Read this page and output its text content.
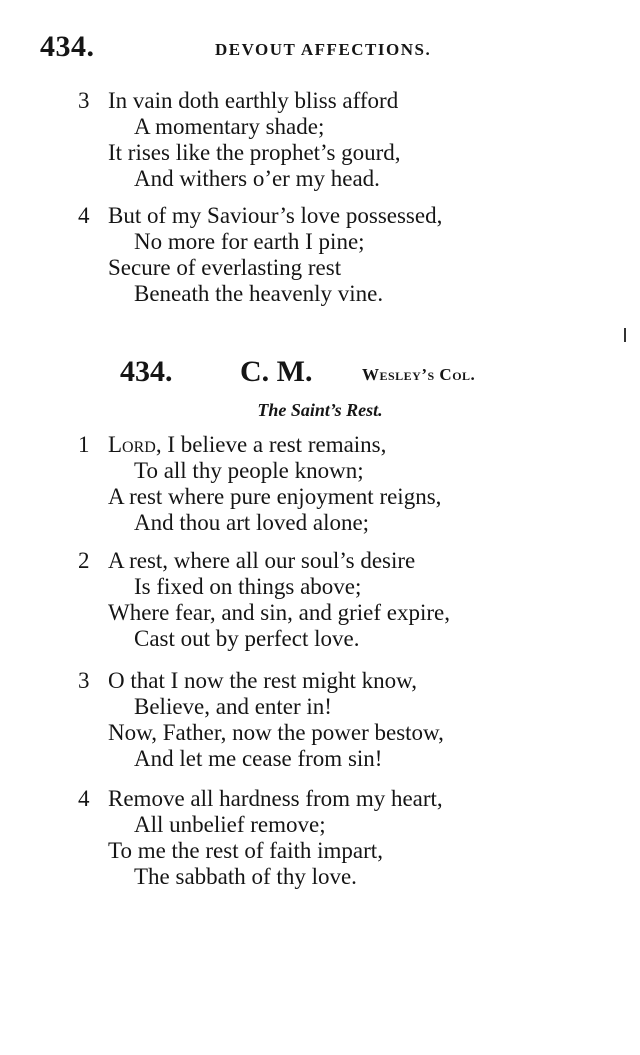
434.	DEVOUT AFFECTIONS.
3 In vain doth earthly bliss afford
A momentary shade;
It rises like the prophet’s gourd,
And withers o’er my head.
4 But of my Saviour’s love possessed,
No more for earth I pine;
Secure of everlasting rest
Beneath the heavenly vine.
434. C. M.	Wesley’s Col.
The Saint’s Rest.
1 Lord, I believe a rest remains,
To all thy people known;
A rest where pure enjoyment reigns,
And thou art loved alone;
2 A rest, where all our soul’s desire
Is fixed on things above;
Where fear, and sin, and grief expire,
Cast out by perfect love.
3 O that I now the rest might know,
Believe, and enter in!
Now, Father, now the power bestow,
And let me cease from sin!
4 Remove all hardness from my heart,
All unbelief remove;
To me the rest of faith impart,
The sabbath of thy love.
